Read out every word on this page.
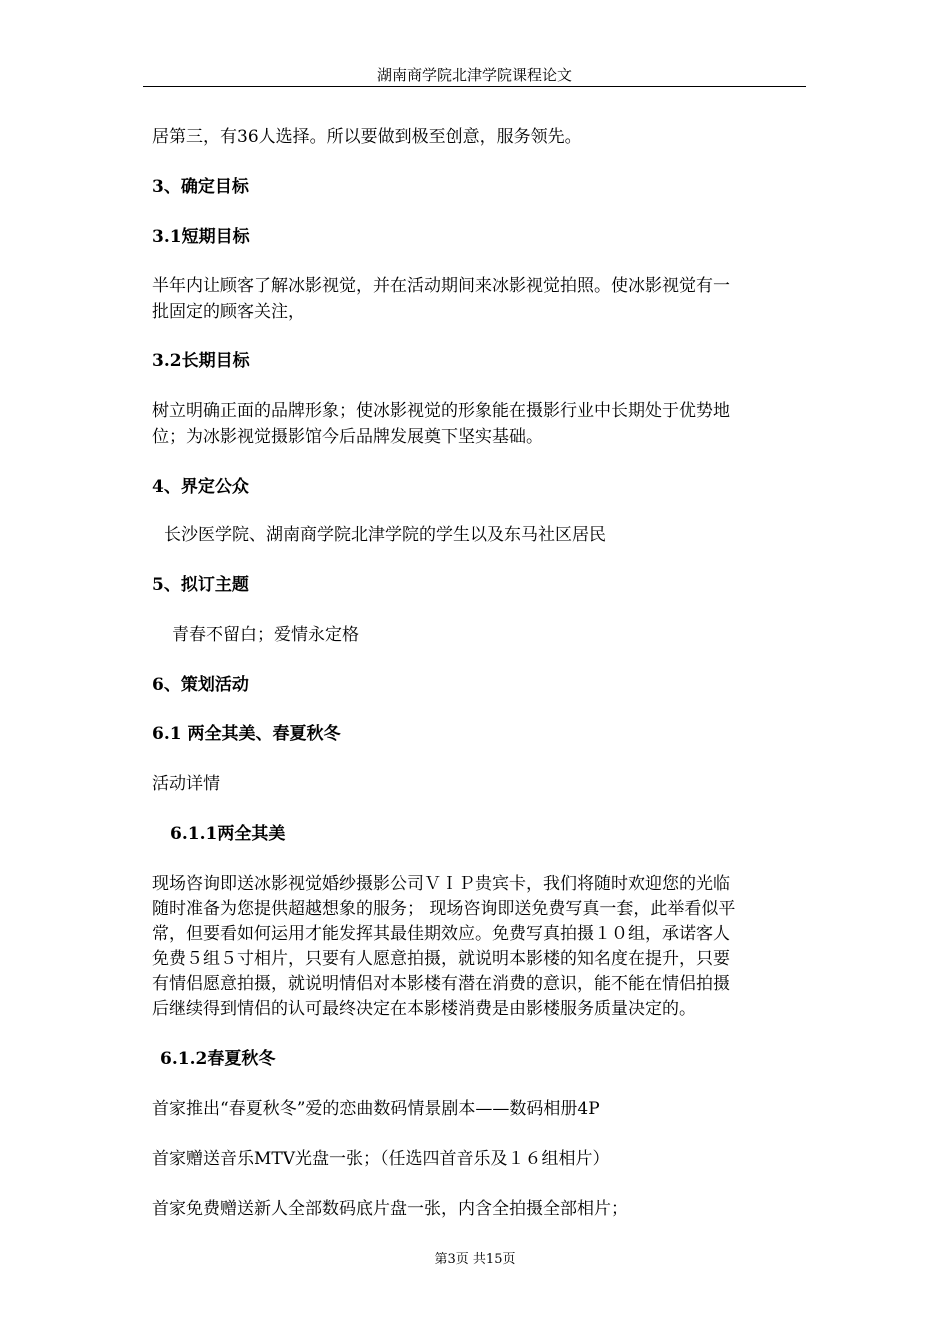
湖南商学院北津学院课程论文
居第三，有36人选择。所以要做到极至创意，服务领先。
3、确定目标
3.1短期目标
半年内让顾客了解冰影视觉，并在活动期间来冰影视觉拍照。使冰影视觉有一
批固定的顾客关注，
3.2长期目标
树立明确正面的品牌形象；使冰影视觉的形象能在摄影行业中长期处于优势地
位；为冰影视觉摄影馆今后品牌发展奠下坚实基础。
4、界定公众
长沙医学院、湖南商学院北津学院的学生以及东马社区居民
5、拟订主题
青春不留白；爱情永定格
6、策划活动
6.1 两全其美、春夏秋冬
活动详情
6.1.1两全其美
现场咨询即送冰影视觉婚纱摄影公司ＶＩＰ贵宾卡，我们将随时欢迎您的光临
随时准备为您提供超越想象的服务； 现场咨询即送免费写真一套，此举看似平
常，但要看如何运用才能发挥其最佳期效应。免费写真拍摄１０组，承诺客人
免费５组５寸相片，只要有人愿意拍摄，就说明本影楼的知名度在提升，只要
有情侣愿意拍摄，就说明情侣对本影楼有潜在消费的意识，能不能在情侣拍摄
后继续得到情侣的认可最终决定在本影楼消费是由影楼服务质量决定的。
6.1.2春夏秋冬
首家推出“春夏秋冬”爱的恋曲数码情景剧本——数码相册4P
首家赠送音乐MTV光盘一张；（任选四首音乐及１６组相片）
首家免费赠送新人全部数码底片盘一张，内含全拍摄全部相片；
第3页 共15页
